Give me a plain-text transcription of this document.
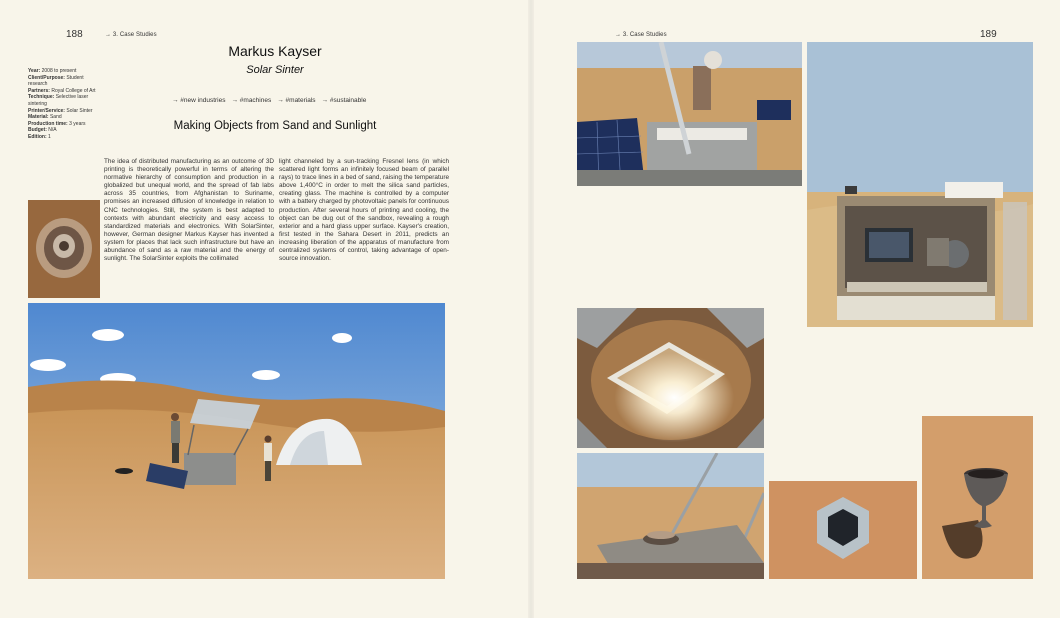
188	→ 3. Case Studies
Markus Kayser
Solar Sinter
→ #new industries → #machines → #materials → #sustainable
Making Objects from Sand and Sunlight
Year: 2008 to present
Client/Purpose: Student research
Partners: Royal College of Art
Technique: Selective laser sintering
Printer/Service: Solar Sinter
Material: Sand
Production time: 3 years
Budget: N/A
Edition: 1
The idea of distributed manufacturing as an outcome of 3D printing is theoretically powerful in terms of altering the normative hierarchy of consumption and production in a globalized but unequal world, and the spread of fab labs across 35 countries, from Afghanistan to Suriname, promises an increased diffusion of knowledge in relation to CNC technologies. Still, the system is best adapted to contexts with abundant electricity and easy access to standardized materials and electronics. With SolarSinter, however, German designer Markus Kayser has invented a system for places that lack such infrastructure but have an abundance of sand as a raw material and the energy of sunlight. The SolarSinter exploits the collimated
light channeled by a sun-tracking Fresnel lens (in which scattered light forms an infinitely focused beam of parallel rays) to trace lines in a bed of sand, raising the temperature above 1,400°C in order to melt the silica sand particles, creating glass. The machine is controlled by a computer with a battery charged by photovoltaic panels for continuous production. After several hours of printing and cooling, the object can be dug out of the sandbox, revealing a rough exterior and a hard glass upper surface. Kayser's creation, first tested in the Sahara Desert in 2011, predicts an increasing liberation of the apparatus of manufacture from centralized systems of control, taking advantage of open-source innovation.
→ 3. Case Studies	189
